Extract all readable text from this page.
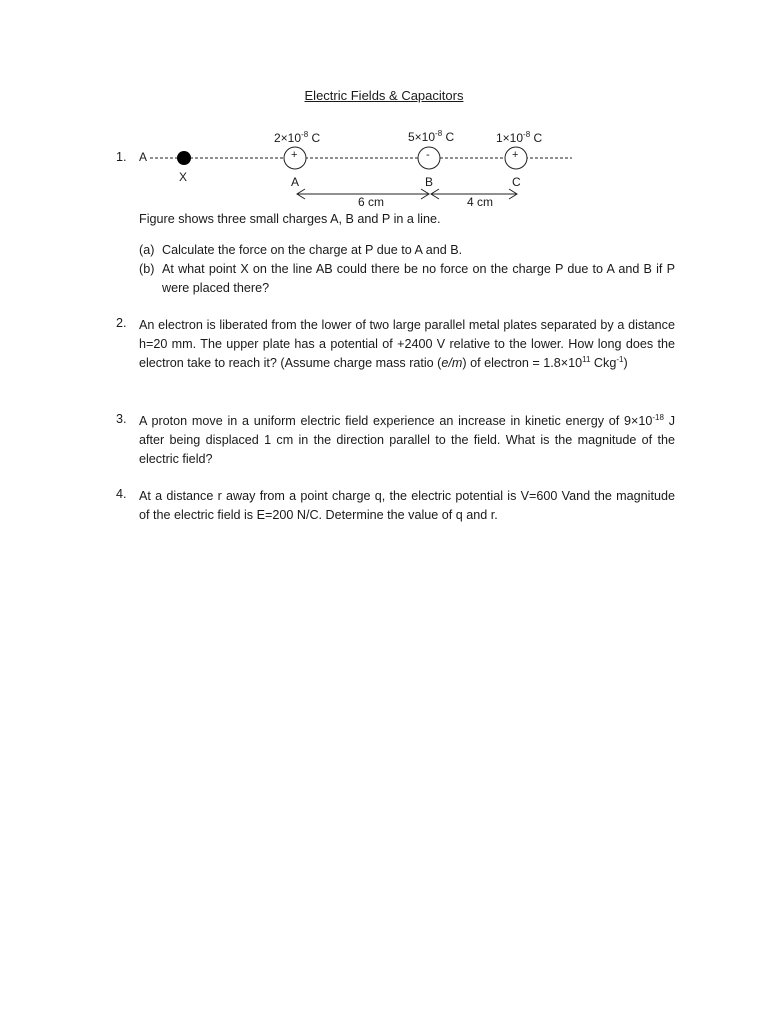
Electric Fields & Capacitors
1. A
X
$2\times 10^{-8}$ C	$5\times 10^{-8}$ C	$1\times 10^{-8}$ C
+	-	+
A	B	C
6 cm	4 cm
Figure shows three small charges A, B and P in a line.
(a) Calculate the force on the charge at P due to A and B.
(b) At what point X on the line AB could there be no force on the charge P due to A and B if P were placed there?
2. An electron is liberated from the lower of two large parallel metal plates separated by a distance h=20 mm. The upper plate has a potential of +2400 V relative to the lower. How long does the electron take to reach it? (Assume charge mass ratio (e/m) of electron = $1.8\times 10^{11}$ Ckg$^{-1}$)
3. A proton move in a uniform electric field experience an increase in kinetic energy of $9\times 10^{-18}$ J after being displaced 1 cm in the direction parallel to the field. What is the magnitude of the electric field?
4. At a distance r away from a point charge q, the electric potential is V=600 Vand the magnitude of the electric field is E=200 N/C. Determine the value of q and r.
